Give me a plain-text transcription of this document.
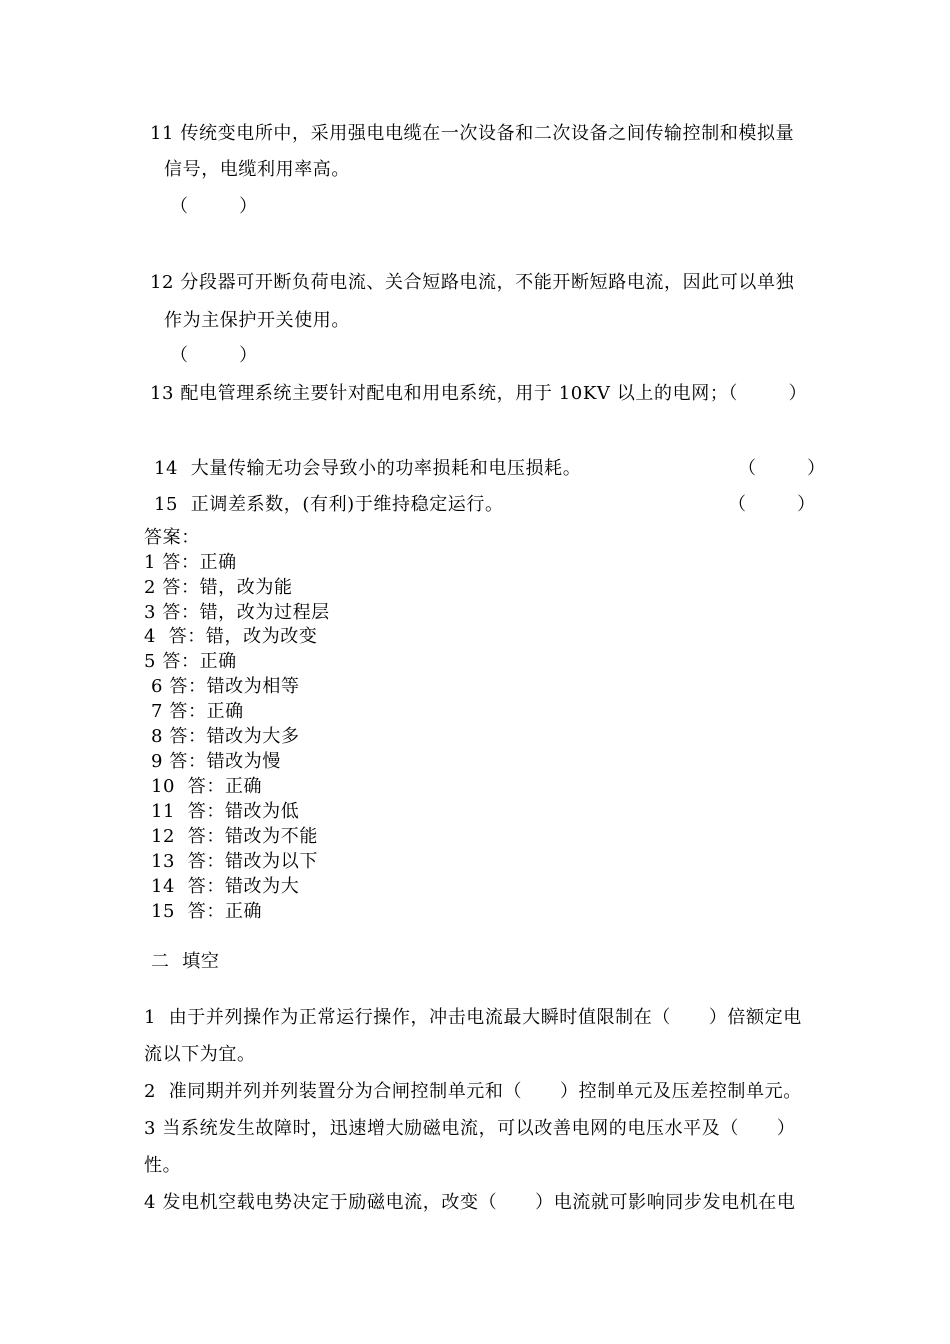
11 传统变电所中，采用强电电缆在一次设备和二次设备之间传输控制和模拟量
信号，电缆利用率高。
（        ）
12 分段器可开断负荷电流、关合短路电流，不能开断短路电流，因此可以单独
作为主保护开关使用。
（        ）
13 配电管理系统主要针对配电和用电系统，用于 10KV 以上的电网；（        ）
14  大量传输无功会导致小的功率损耗和电压损耗。	（        ）
15  正调差系数，(有利)于维持稳定运行。	（        ）
答案：
1 答：正确
2 答：错，改为能
3 答：错，改为过程层
4  答：错，改为改变
5 答：正确
6 答：错改为相等
7 答：正确
8 答：错改为大多
9 答：错改为慢
10  答：正确
11  答：错改为低
12  答：错改为不能
13  答：错改为以下
14  答：错改为大
15  答：正确
二  填空
1  由于并列操作为正常运行操作，冲击电流最大瞬时值限制在（      ）倍额定电
流以下为宜。
2  准同期并列并列装置分为合闸控制单元和（      ）控制单元及压差控制单元。
3 当系统发生故障时，迅速增大励磁电流，可以改善电网的电压水平及（      ）
性。
4 发电机空载电势决定于励磁电流，改变（      ）电流就可影响同步发电机在电
